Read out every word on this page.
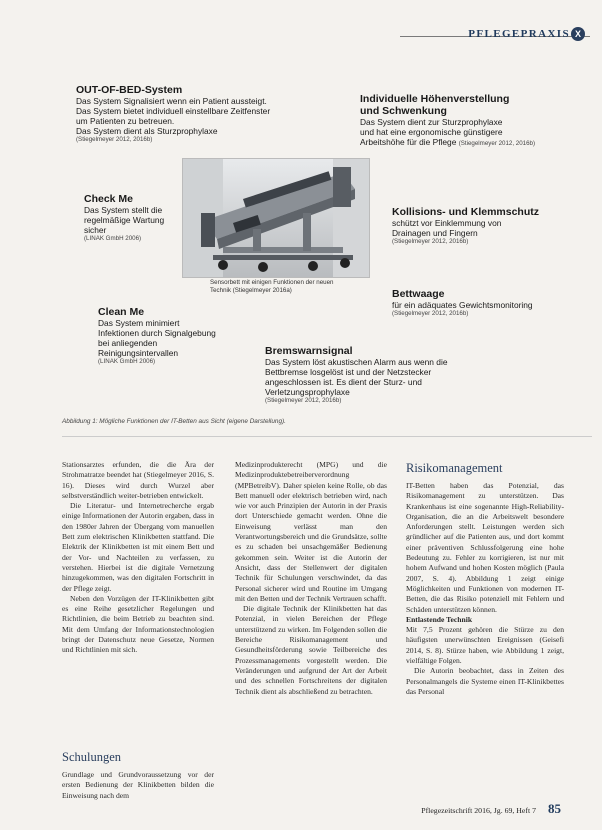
PFLEGEPRAXIS X
OUT-OF-BED-System

Das System Signalisiert wenn ein Patient aussteigt.

Das System bietet individuell einstellbare Zeitfenster

um Patienten zu betreuen.

Das System dient als Sturzprophylaxe

(Stiegelmeyer 2012, 2016b)

Individuelle Höhenverstellung und Schwenkung

Das System dient zur Sturzprophylaxe

und hat eine ergonomische günstigere

Arbeitshöhe für die Pflege (Stiegelmeyer 2012, 2016b)

Check Me

Das System stellt die

regelmäßige Wartung

sicher

(LINAK GmbH 2006)

Kollisions- und Klemmschutz

schützt vor Einklemmung von

Drainagen und Fingern

(Stiegelmeyer 2012, 2016b)

Bettwaage

für ein adäquates Gewichtsmonitoring

(Stiegelmeyer 2012, 2016b)

Clean Me

Das System minimiert

Infektionen durch Signalgebung

bei anliegenden

Reinigungsintervallen

(LINAK GmbH 2006)

Bremswarnsignal

Das System löst akustischen Alarm aus wenn die

Bettbremse losgelöst ist und der Netzstecker

angeschlossen ist. Es dient der Sturz- und

Verletzungsprophylaxe

(Stiegelmeyer 2012, 2016b)

Sensorbett mit einigen Funktionen der neuen Technik (Stiegelmeyer 2016a)
Abbildung 1: Mögliche Funktionen der IT-Betten aus Sicht (eigene Darstellung).

Stationsarztes erfunden, die die Ära der Strohmatratze beendet hat (Stiegelmeyer 2016, S. 16). Dieses wird durch Wurzel aber selbstverständlich weiter-betrieben entwickelt.

Die Literatur- und Internetrecherche ergab einige Informationen der Autorin ergaben, dass in den 1980er Jahren der Übergang vom manuellen Bett zum elektrischen Klinikbetten stattfand. Die Elektrik der Klinikbetten ist mit einem Bett und der Vor- und Nachteilen zu verfassen, zu verstehen. Hierbei ist die digitale Vernetzung hinzugekommen, was den digitalen Fortschritt in der Pflege zeigt.

Neben den Vorzügen der IT-Klinikbetten gibt es eine Reihe gesetzlicher Regelungen und Richtlinien, die beim Betrieb zu beachten sind. Mit dem Umfang der Informationstechnologien bringt der Datenschutz neue Gesetze, Normen und Richtlinien mit sich.

Schulungen

Grundlage und Grundvoraussetzung vor der ersten Bedienung der Klinikbetten bilden die Einweisung nach dem

Medizinprodukterecht (MPG) und die Medizinproduktebetreiberverordnung (MPBetreibV). Daher spielen keine Rolle, ob das Bett manuell oder elektrisch betrieben wird, nach wie vor auch Prinzipien der Autorin in der Praxis dort Unterschiede gemacht werden. Ohne die Einweisung verlässt man den Verantwortungsbereich und die Grundsätze, sollte es zu schaden bei unsachgemäßer Bedienung gekommen sein. Weiter ist die Autorin der Ansicht, dass der Stellenwert der digitalen Technik für Schulungen verschwindet, da das Personal sicherer wird und Routine im Umgang mit den Betten und der Technik Vertrauen schafft.

Die digitale Technik der Klinikbetten hat das Potenzial, in vielen Bereichen der Pflege unterstützend zu wirken. Im Folgenden sollen die Bereiche Risikomanagement und Gesundheitsförderung sowie Teilbereiche des Prozessmanagements vorgestellt werden. Die Veränderungen und aufgrund der Art der Arbeit und des schnellen Fortschreitens der digitalen Technik dient als abschließend zu betrachten.

Risikomanagement

IT-Betten haben das Potenzial, das Risikomanagement zu unterstützen. Das Krankenhaus ist eine sogenannte High-Reliability-Organisation, die an die Arbeitswelt besondere Anforderungen stellt. Leistungen werden sich gründlicher auf die Patienten aus, und dort kommt einer präventiven Schlussfolgerung eine hohe Bedeutung zu. Fehler zu korrigieren, ist nur mit hohem Aufwand und hohen Kosten möglich (Paula 2007, S. 4). Abbildung 1 zeigt einige Möglichkeiten und Funktionen von modernen IT-Betten, die das Risiko potenziell mit Fehlern und Schäden unterstützen können.

Entlastende Technik

Mit 7,5 Prozent gehören die Stürze zu den häufigsten unerwünschten Ereignissen (Geisefi 2014, S. 8). Stürze haben, wie Abbildung 1 zeigt, vielfältige Folgen.

Die Autorin beobachtet, dass in Zeiten des Personalmangels die Systeme einen IT-Klinikbettes das Personal

Pflegezeitschrift 2016, Jg. 69, Heft 7 85
